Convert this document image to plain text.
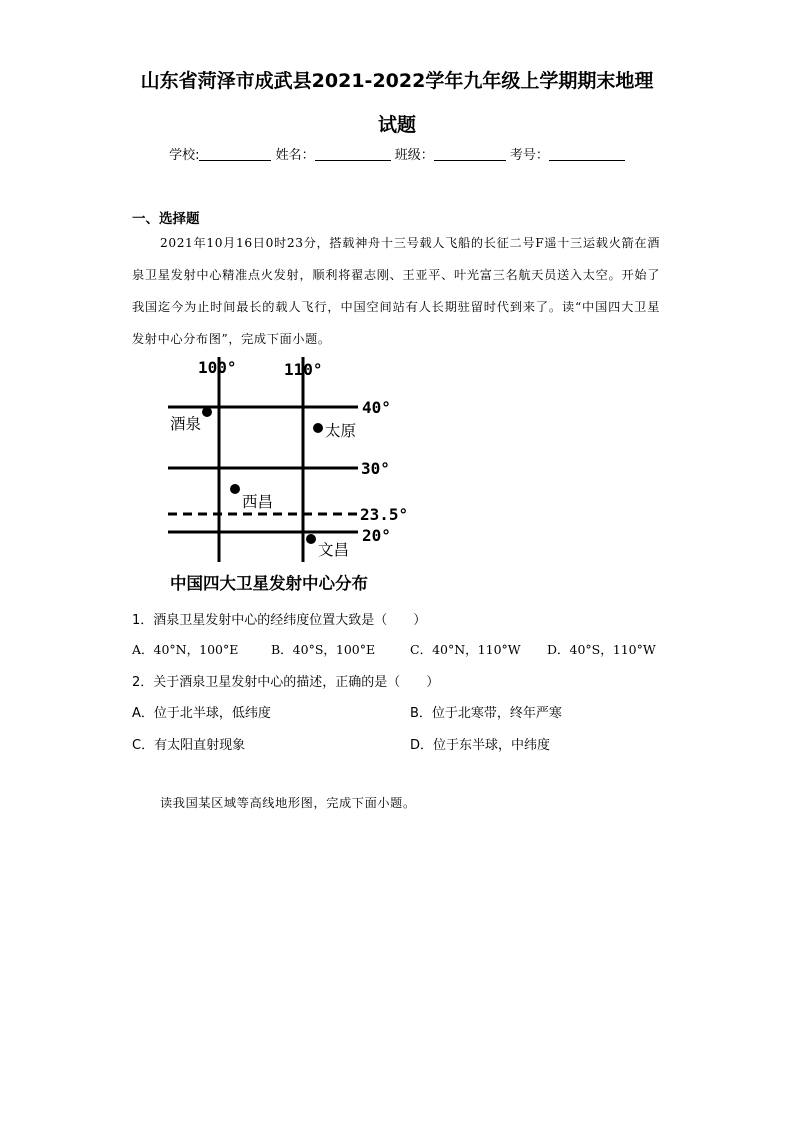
山东省菏泽市成武县2021-2022学年九年级上学期期末地理
试题
学校:	姓名：	班级：	考号：
一、选择题
2021年10月16日0时23分，搭载神舟十三号载人飞船的长征二号F遥十三运载火箭在酒泉卫星发射中心精准点火发射，顺利将翟志刚、王亚平、叶光富三名航天员送入太空。开始了我国迄今为止时间最长的载人飞行，中国空间站有人长期驻留时代到来了。读“中国四大卫星发射中心分布图”，完成下面小题。
100°	110°
40°
30°
23.5°
20°
酒泉	太原
西昌
文昌
中国四大卫星发射中心分布
1．酒泉卫星发射中心的经纬度位置大致是（　　）
A．40°N，100°E	B．40°S，100°E	C．40°N，110°W D．40°S，110°W
2．关于酒泉卫星发射中心的描述，正确的是（　　）
A．位于北半球，低纬度	B．位于北寒带，终年严寒
C．有太阳直射现象	D．位于东半球，中纬度
读我国某区域等高线地形图，完成下面小题。
